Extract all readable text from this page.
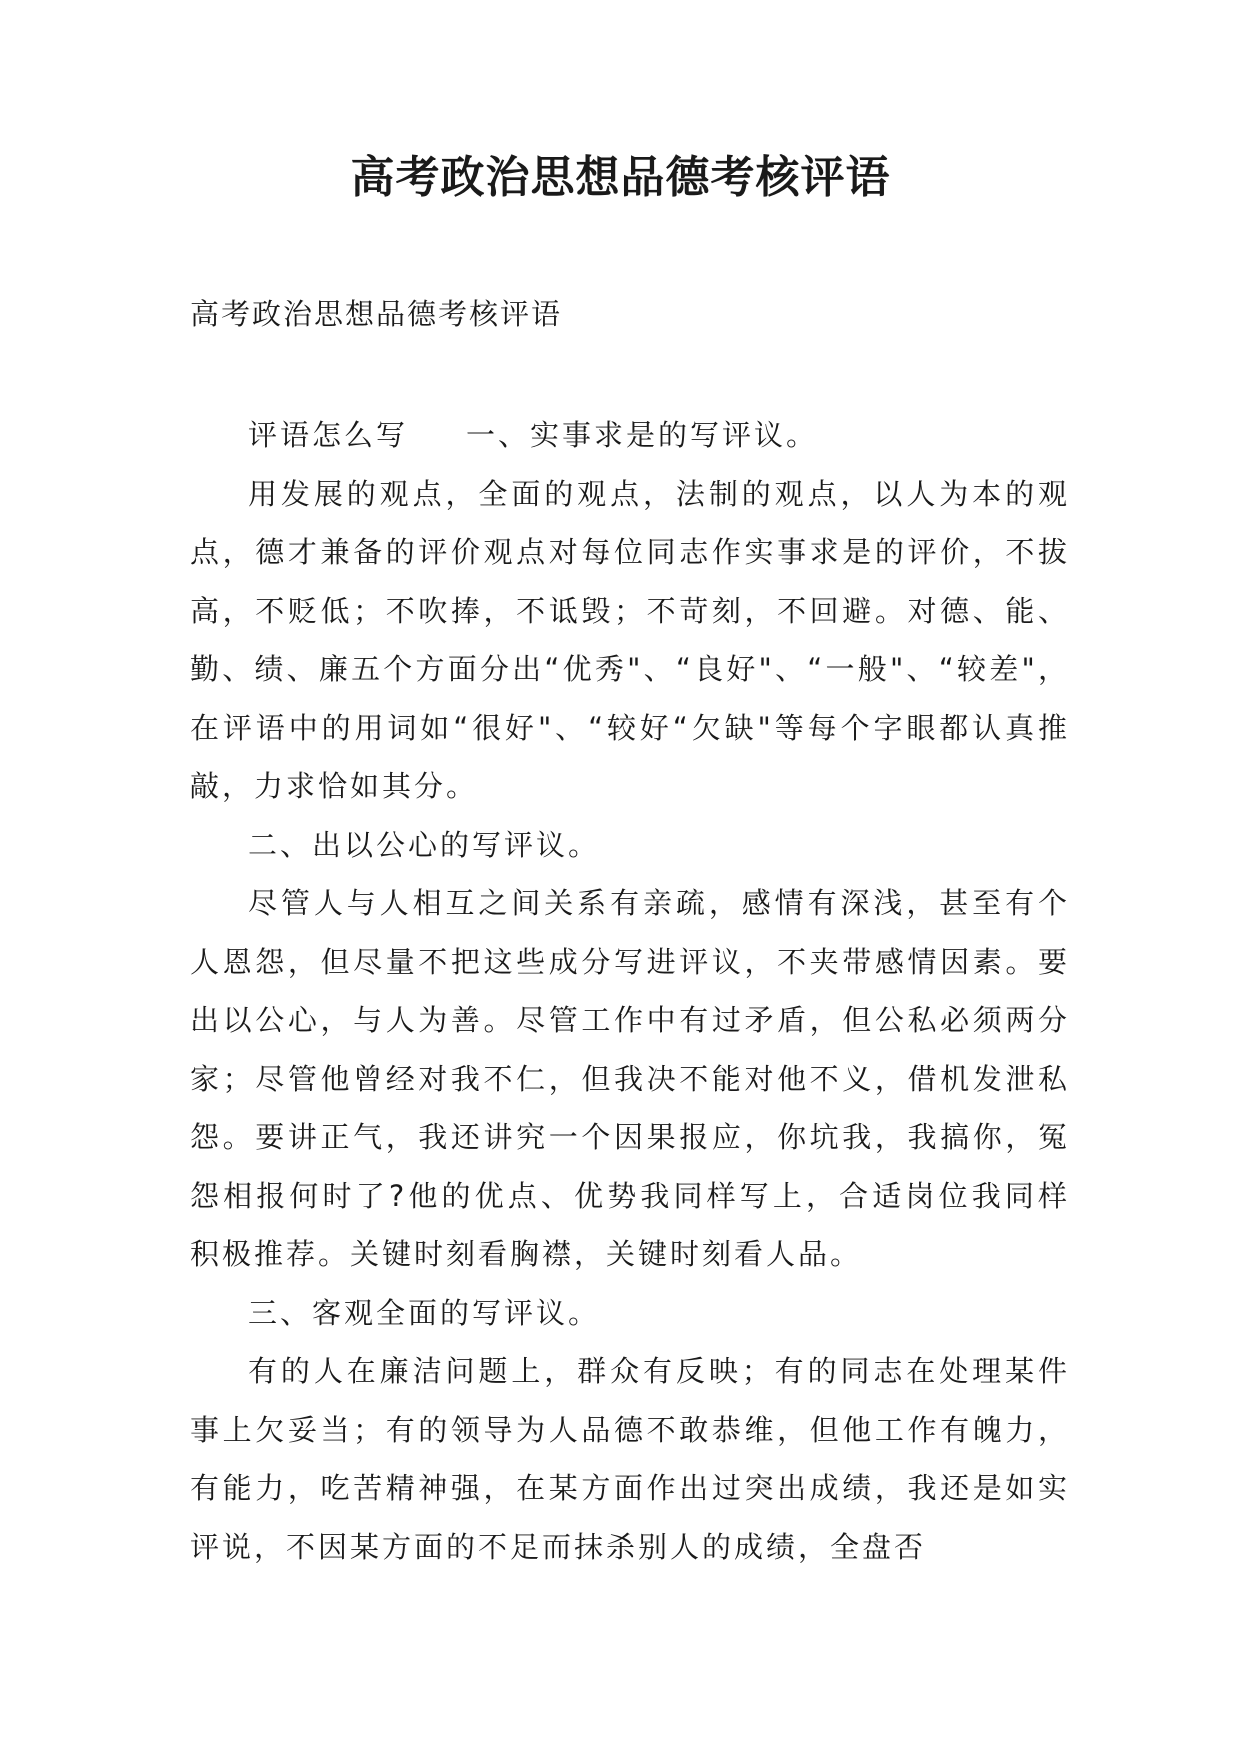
高考政治思想品德考核评语

高考政治思想品德考核评语

评语怎么写 一、实事求是的写评议。

用发展的观点，全面的观点，法制的观点，以人为本的观点，德才兼备的评价观点对每位同志作实事求是的评价，不拔高，不贬低；不吹捧，不诋毁；不苛刻，不回避。对德、能、勤、绩、廉五个方面分出“优秀"、“良好"、“一般"、“较差"，在评语中的用词如“很好"、“较好“欠缺"等每个字眼都认真推敲，力求恰如其分。

二、出以公心的写评议。

尽管人与人相互之间关系有亲疏，感情有深浅，甚至有个人恩怨，但尽量不把这些成分写进评议，不夹带感情因素。要出以公心，与人为善。尽管工作中有过矛盾，但公私必须两分家；尽管他曾经对我不仁，但我决不能对他不义，借机发泄私怨。要讲正气，我还讲究一个因果报应，你坑我，我搞你，冤怨相报何时了?他的优点、优势我同样写上，合适岗位我同样积极推荐。关键时刻看胸襟，关键时刻看人品。

三、客观全面的写评议。

有的人在廉洁问题上，群众有反映；有的同志在处理某件事上欠妥当；有的领导为人品德不敢恭维，但他工作有魄力，有能力，吃苦精神强，在某方面作出过突出成绩，我还是如实评说，不因某方面的不足而抹杀别人的成绩，全盘否
